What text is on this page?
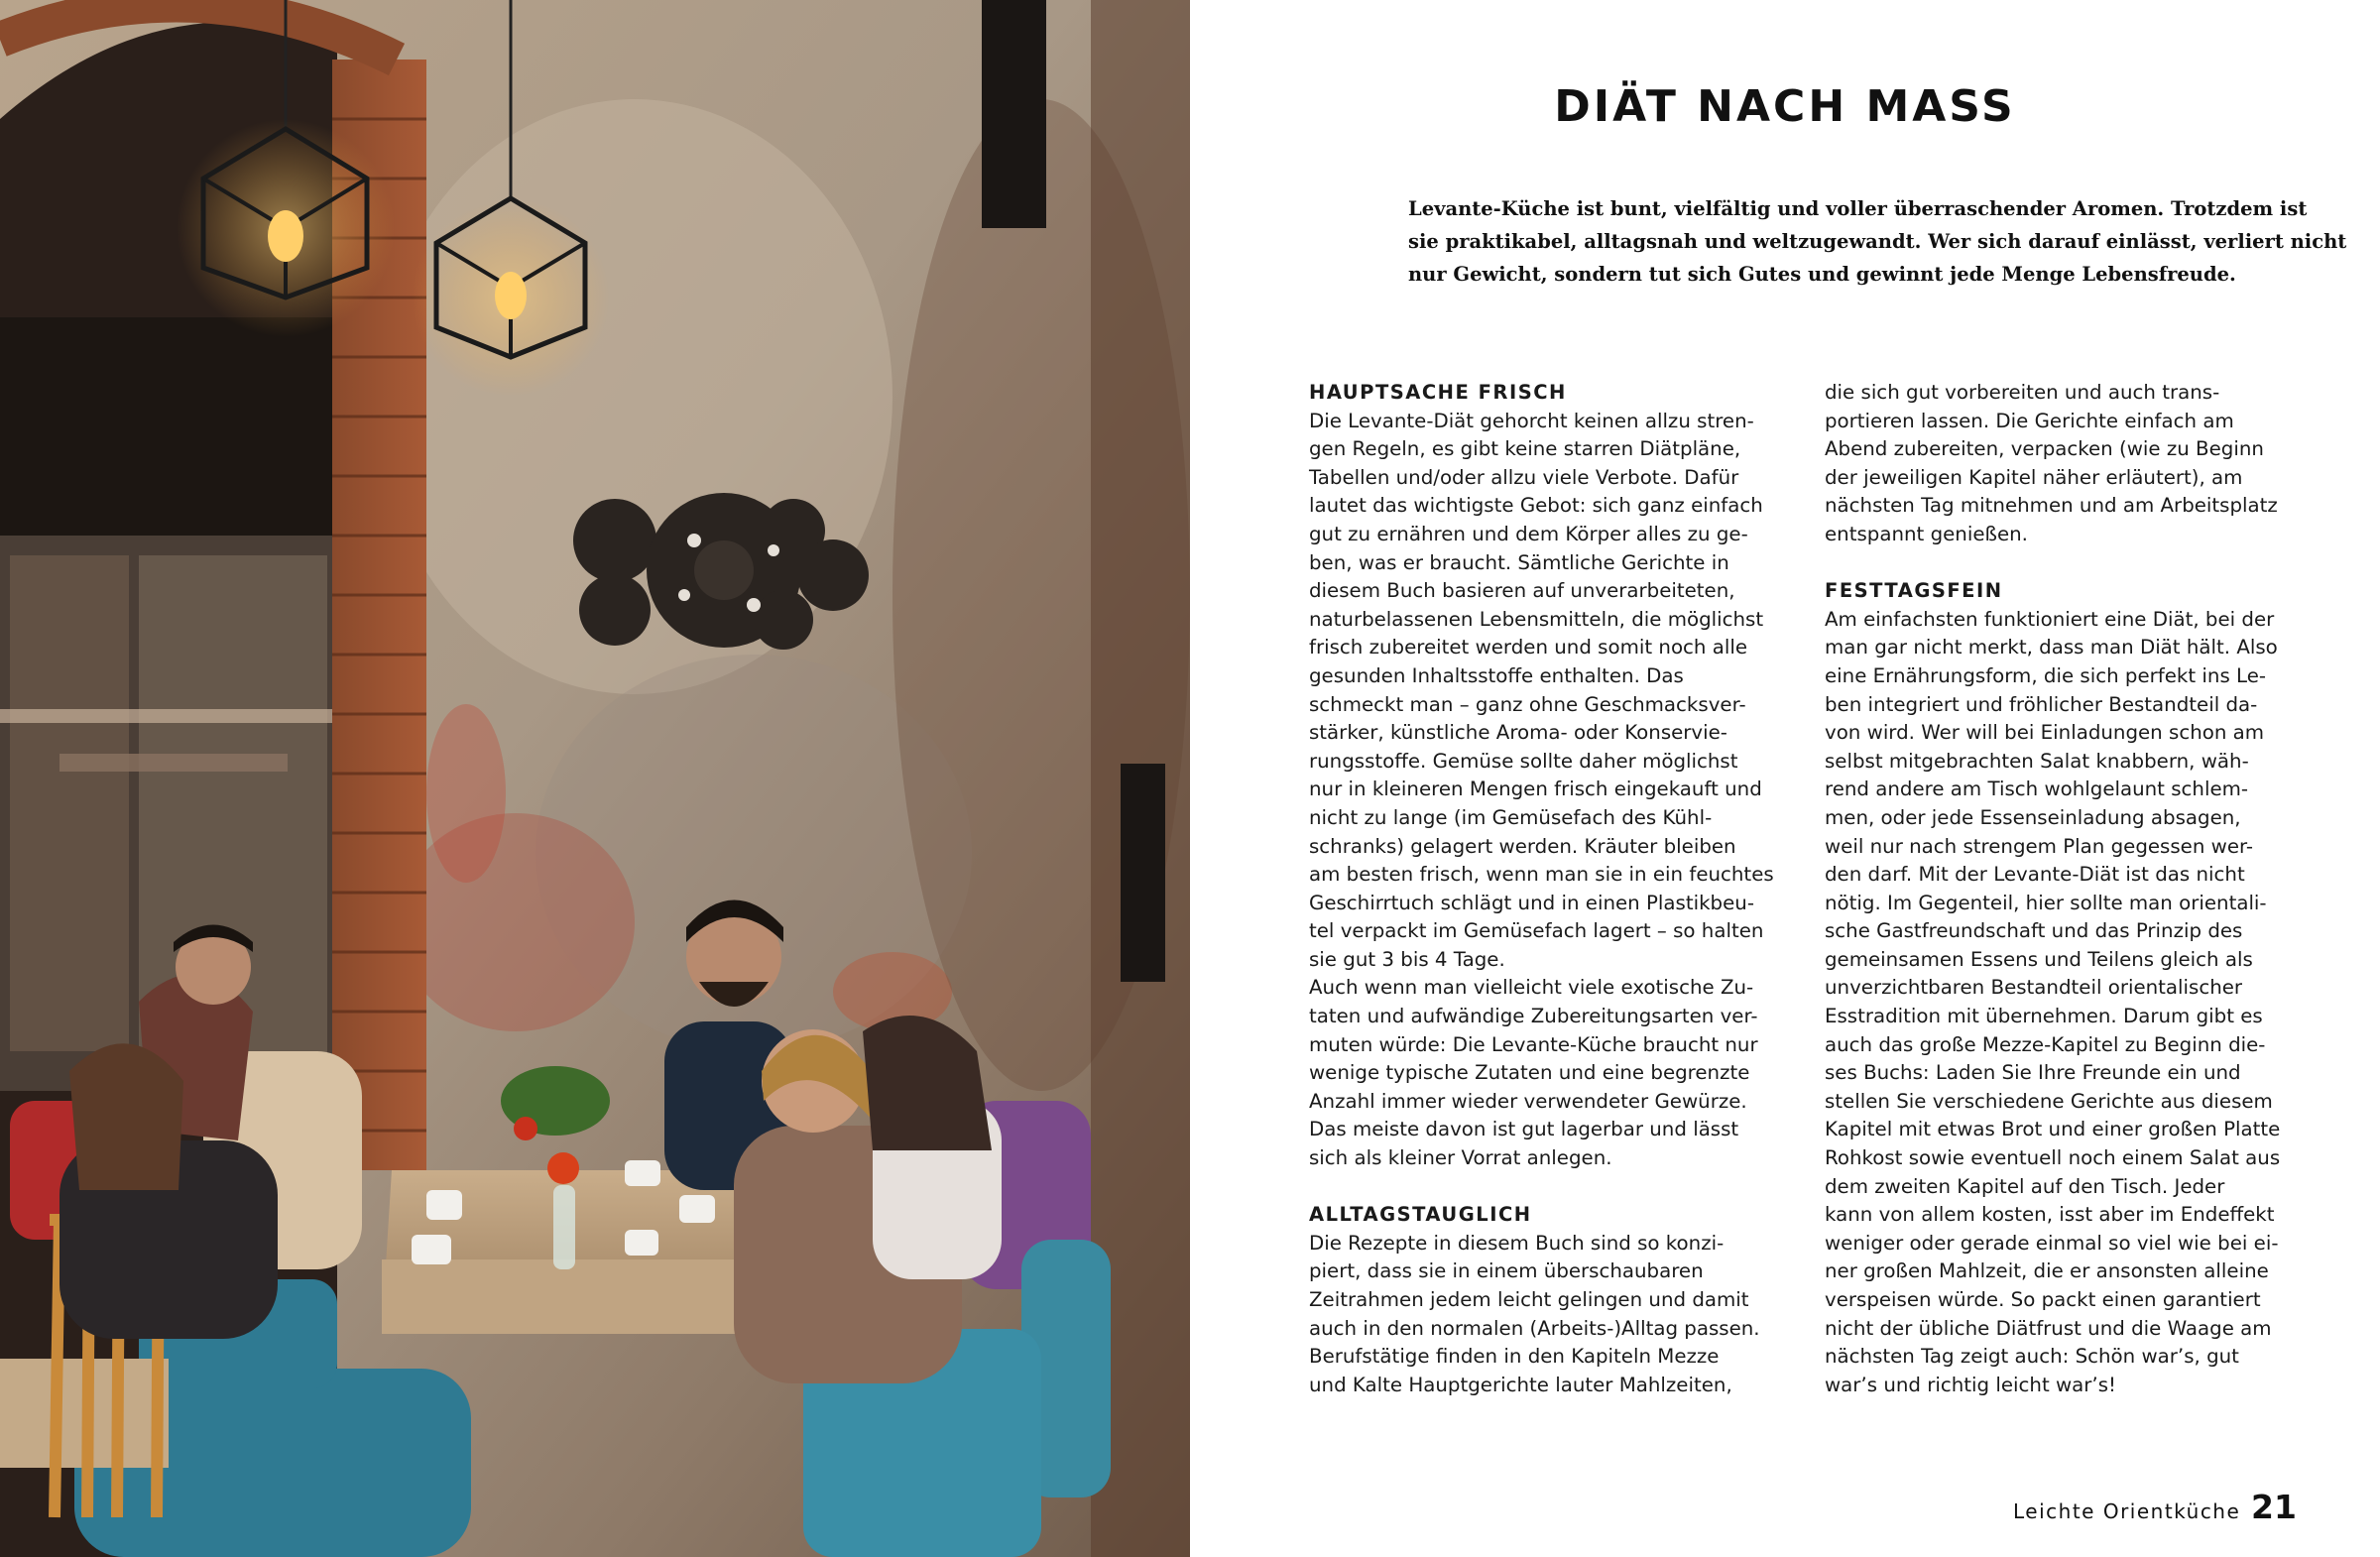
DIÄT NACH MASS
Levante-Küche ist bunt, vielfältig und voller überraschender Aromen. Trotzdem ist
sie praktikabel, alltagsnah und weltzugewandt. Wer sich darauf einlässt, verliert nicht
nur Gewicht, sondern tut sich Gutes und gewinnt jede Menge Lebensfreude.
HAUPTSACHE FRISCH
Die Levante-Diät gehorcht keinen allzu stren-
gen Regeln, es gibt keine starren Diätpläne,
Tabellen und/oder allzu viele Verbote. Dafür
lautet das wichtigste Gebot: sich ganz einfach
gut zu ernähren und dem Körper alles zu ge-
ben, was er braucht. Sämtliche Gerichte in
diesem Buch basieren auf unverarbeiteten,
naturbelassenen Lebensmitteln, die möglichst
frisch zubereitet werden und somit noch alle
gesunden Inhaltsstoffe enthalten. Das
schmeckt man – ganz ohne Geschmacksver-
stärker, künstliche Aroma- oder Konservie-
rungsstoffe. Gemüse sollte daher möglichst
nur in kleineren Mengen frisch eingekauft und
nicht zu lange (im Gemüsefach des Kühl-
schranks) gelagert werden. Kräuter bleiben
am besten frisch, wenn man sie in ein feuchtes
Geschirrtuch schlägt und in einen Plastikbeu-
tel verpackt im Gemüsefach lagert – so halten
sie gut 3 bis 4 Tage.
Auch wenn man vielleicht viele exotische Zu-
taten und aufwändige Zubereitungsarten ver-
muten würde: Die Levante-Küche braucht nur
wenige typische Zutaten und eine begrenzte
Anzahl immer wieder verwendeter Gewürze.
Das meiste davon ist gut lagerbar und lässt
sich als kleiner Vorrat anlegen.
ALLTAGSTAUGLICH
Die Rezepte in diesem Buch sind so konzi-
piert, dass sie in einem überschaubaren
Zeitrahmen jedem leicht gelingen und damit
auch in den normalen (Arbeits-)Alltag passen.
Berufstätige finden in den Kapiteln Mezze
und Kalte Hauptgerichte lauter Mahlzeiten,
die sich gut vorbereiten und auch trans-
portieren lassen. Die Gerichte einfach am
Abend zubereiten, verpacken (wie zu Beginn
der jeweiligen Kapitel näher erläutert), am
nächsten Tag mitnehmen und am Arbeitsplatz
entspannt genießen.
FESTTAGSFEIN
Am einfachsten funktioniert eine Diät, bei der
man gar nicht merkt, dass man Diät hält. Also
eine Ernährungsform, die sich perfekt ins Le-
ben integriert und fröhlicher Bestandteil da-
von wird. Wer will bei Einladungen schon am
selbst mitgebrachten Salat knabbern, wäh-
rend andere am Tisch wohlgelaunt schlem-
men, oder jede Essenseinladung absagen,
weil nur nach strengem Plan gegessen wer-
den darf. Mit der Levante-Diät ist das nicht
nötig. Im Gegenteil, hier sollte man orientali-
sche Gastfreundschaft und das Prinzip des
gemeinsamen Essens und Teilens gleich als
unverzichtbaren Bestandteil orientalischer
Esstradition mit übernehmen. Darum gibt es
auch das große Mezze-Kapitel zu Beginn die-
ses Buchs: Laden Sie Ihre Freunde ein und
stellen Sie verschiedene Gerichte aus diesem
Kapitel mit etwas Brot und einer großen Platte
Rohkost sowie eventuell noch einem Salat aus
dem zweiten Kapitel auf den Tisch. Jeder
kann von allem kosten, isst aber im Endeffekt
weniger oder gerade einmal so viel wie bei ei-
ner großen Mahlzeit, die er ansonsten alleine
verspeisen würde. So packt einen garantiert
nicht der übliche Diätfrust und die Waage am
nächsten Tag zeigt auch: Schön war’s, gut
war’s und richtig leicht war’s!
Leichte Orientküche 21
